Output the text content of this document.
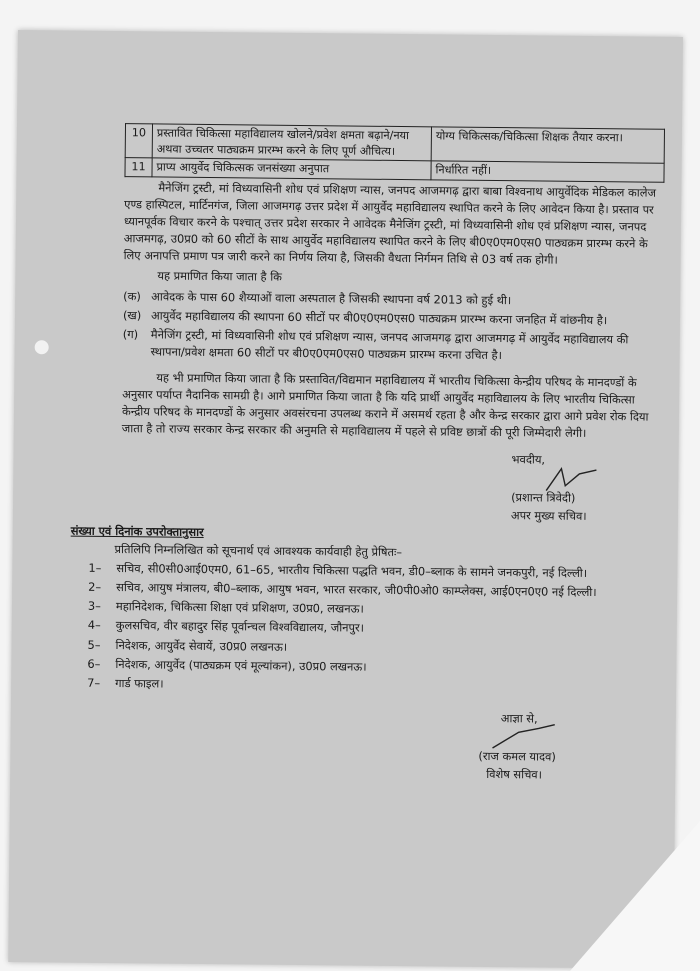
10	प्रस्तावित चिकित्सा महाविद्यालय खोलने/प्रवेश क्षमता बढ़ाने/नया अथवा उच्चतर पाठ्यक्रम प्रारम्भ करने के लिए पूर्ण औचित्य।	योग्य चिकित्सक/चिकित्सा शिक्षक तैयार करना।
11	प्राप्य आयुर्वेद चिकित्सक जनसंख्या अनुपात	निर्धारित नहीं।

मैनेजिंग ट्रस्टी, मां विध्यवासिनी शोध एवं प्रशिक्षण न्यास, जनपद आजमगढ़ द्वारा बाबा विश्वनाथ आयुर्वेदिक मेडिकल कालेज एण्ड हास्पिटल, मार्टिनगंज, जिला आजमगढ़ उत्तर प्रदेश में आयुर्वेद महाविद्यालय स्थापित करने के लिए आवेदन किया है। प्रस्ताव पर ध्यानपूर्वक विचार करने के पश्चात् उत्तर प्रदेश सरकार ने आवेदक मैनेजिंग ट्रस्टी, मां विध्यवासिनी शोध एवं प्रशिक्षण न्यास, जनपद आजमगढ़, उ0प्र0 को 60 सीटों के साथ आयुर्वेद महाविद्यालय स्थापित करने के लिए बी0ए0एम0एस0 पाठ्यक्रम प्रारम्भ करने के लिए अनापत्ति प्रमाण पत्र जारी करने का निर्णय लिया है, जिसकी वैधता निर्गमन तिथि से 03 वर्ष तक होगी।

यह प्रमाणित किया जाता है कि

(क) आवेदक के पास 60 शैय्याओं वाला अस्पताल है जिसकी स्थापना वर्ष 2013 को हुई थी।
(ख) आयुर्वेद महाविद्यालय की स्थापना 60 सीटों पर बी0ए0एम0एस0 पाठ्यक्रम प्रारम्भ करना जनहित में वांछनीय है।
(ग)	मैनेजिंग ट्रस्टी, मां विध्यवासिनी शोध एवं प्रशिक्षण न्यास, जनपद आजमगढ़ द्वारा आजमगढ़ में आयुर्वेद महाविद्यालय की स्थापना/प्रवेश क्षमता 60 सीटों पर बी0ए0एम0एस0 पाठ्यक्रम प्रारम्भ करना उचित है।

यह भी प्रमाणित किया जाता है कि प्रस्तावित/विद्यमान महाविद्यालय में भारतीय चिकित्सा केन्द्रीय परिषद के मानदण्डों के अनुसार पर्याप्त नैदानिक सामग्री है। आगे प्रमाणित किया जाता है कि यदि प्रार्थी आयुर्वेद महाविद्यालय के लिए भारतीय चिकित्सा केन्द्रीय परिषद के मानदण्डों के अनुसार अवसंरचना उपलब्ध कराने में असमर्थ रहता है और केन्द्र सरकार द्वारा आगे प्रवेश रोक दिया जाता है तो राज्य सरकार केन्द्र सरकार की अनुमति से महाविद्यालय में पहले से प्रविष्ट छात्रों की पूरी जिम्मेदारी लेगी।

भवदीय,
(प्रशान्त त्रिवेदी)
अपर मुख्य सचिव।
संख्या एवं दिनांक उपरोक्तानुसार

प्रतिलिपि निम्नलिखित को सूचनार्थ एवं आवश्यक कार्यवाही हेतु प्रेषितः–

1–	सचिव, सी0सी0आई0एम0, 61–65, भारतीय चिकित्सा पद्धति भवन, डी0–ब्लाक के सामने जनकपुरी, नई दिल्ली।
2–	सचिव, आयुष मंत्रालय, बी0–ब्लाक, आयुष भवन, भारत सरकार, जी0पी0ओ0 काम्प्लेक्स, आई0एन0ए0 नई दिल्ली।
3–	महानिदेशक, चिकित्सा शिक्षा एवं प्रशिक्षण, उ0प्र0, लखनऊ।
4–	कुलसचिव, वीर बहादुर सिंह पूर्वान्चल विश्वविद्यालय, जौनपुर।
5–	निदेशक, आयुर्वेद सेवायें, उ0प्र0 लखनऊ।
6–	निदेशक, आयुर्वेद (पाठ्यक्रम एवं मूल्यांकन), उ0प्र0 लखनऊ।
7–	गार्ड फाइल।
आज्ञा से,
(राज कमल यादव)
विशेष सचिव।
